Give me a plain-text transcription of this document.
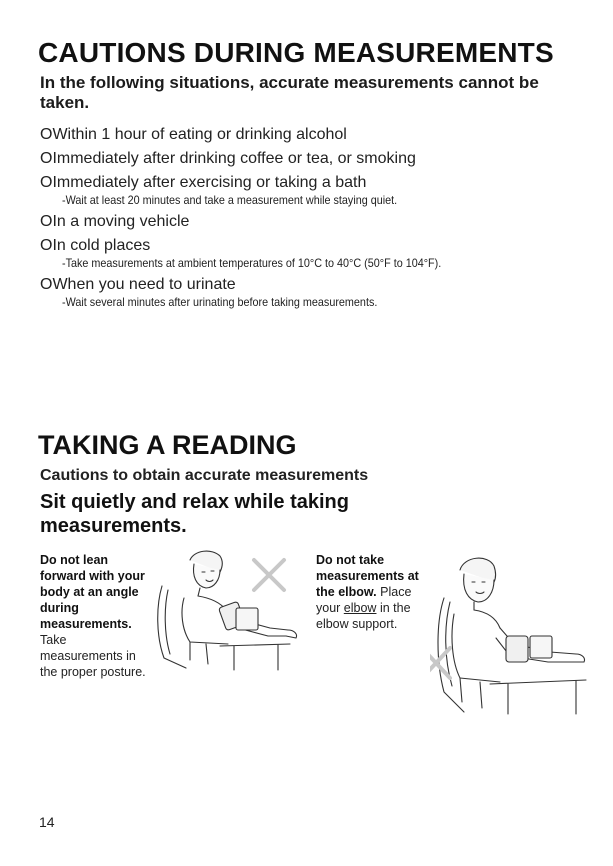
CAUTIONS DURING MEASUREMENTS

In the following situations, accurate measurements cannot be taken.

OWithin 1 hour of eating or drinking alcohol
OImmediately after drinking coffee or tea, or smoking
OImmediately after exercising or taking a bath
-Wait at least 20 minutes and take a measurement while staying quiet.
OIn a moving vehicle
OIn cold places
-Take measurements at ambient temperatures of 10°C to 40°C (50°F to 104°F).
OWhen you need to urinate
-Wait several minutes after urinating before taking measurements.
TAKING A READING

Cautions to obtain accurate measurements

Sit quietly and relax while taking measurements.

Do not lean forward with your body at an angle during measurements. Take measurements in the proper posture.
Do not take measurements at the elbow. Place your elbow in the elbow support.

14
